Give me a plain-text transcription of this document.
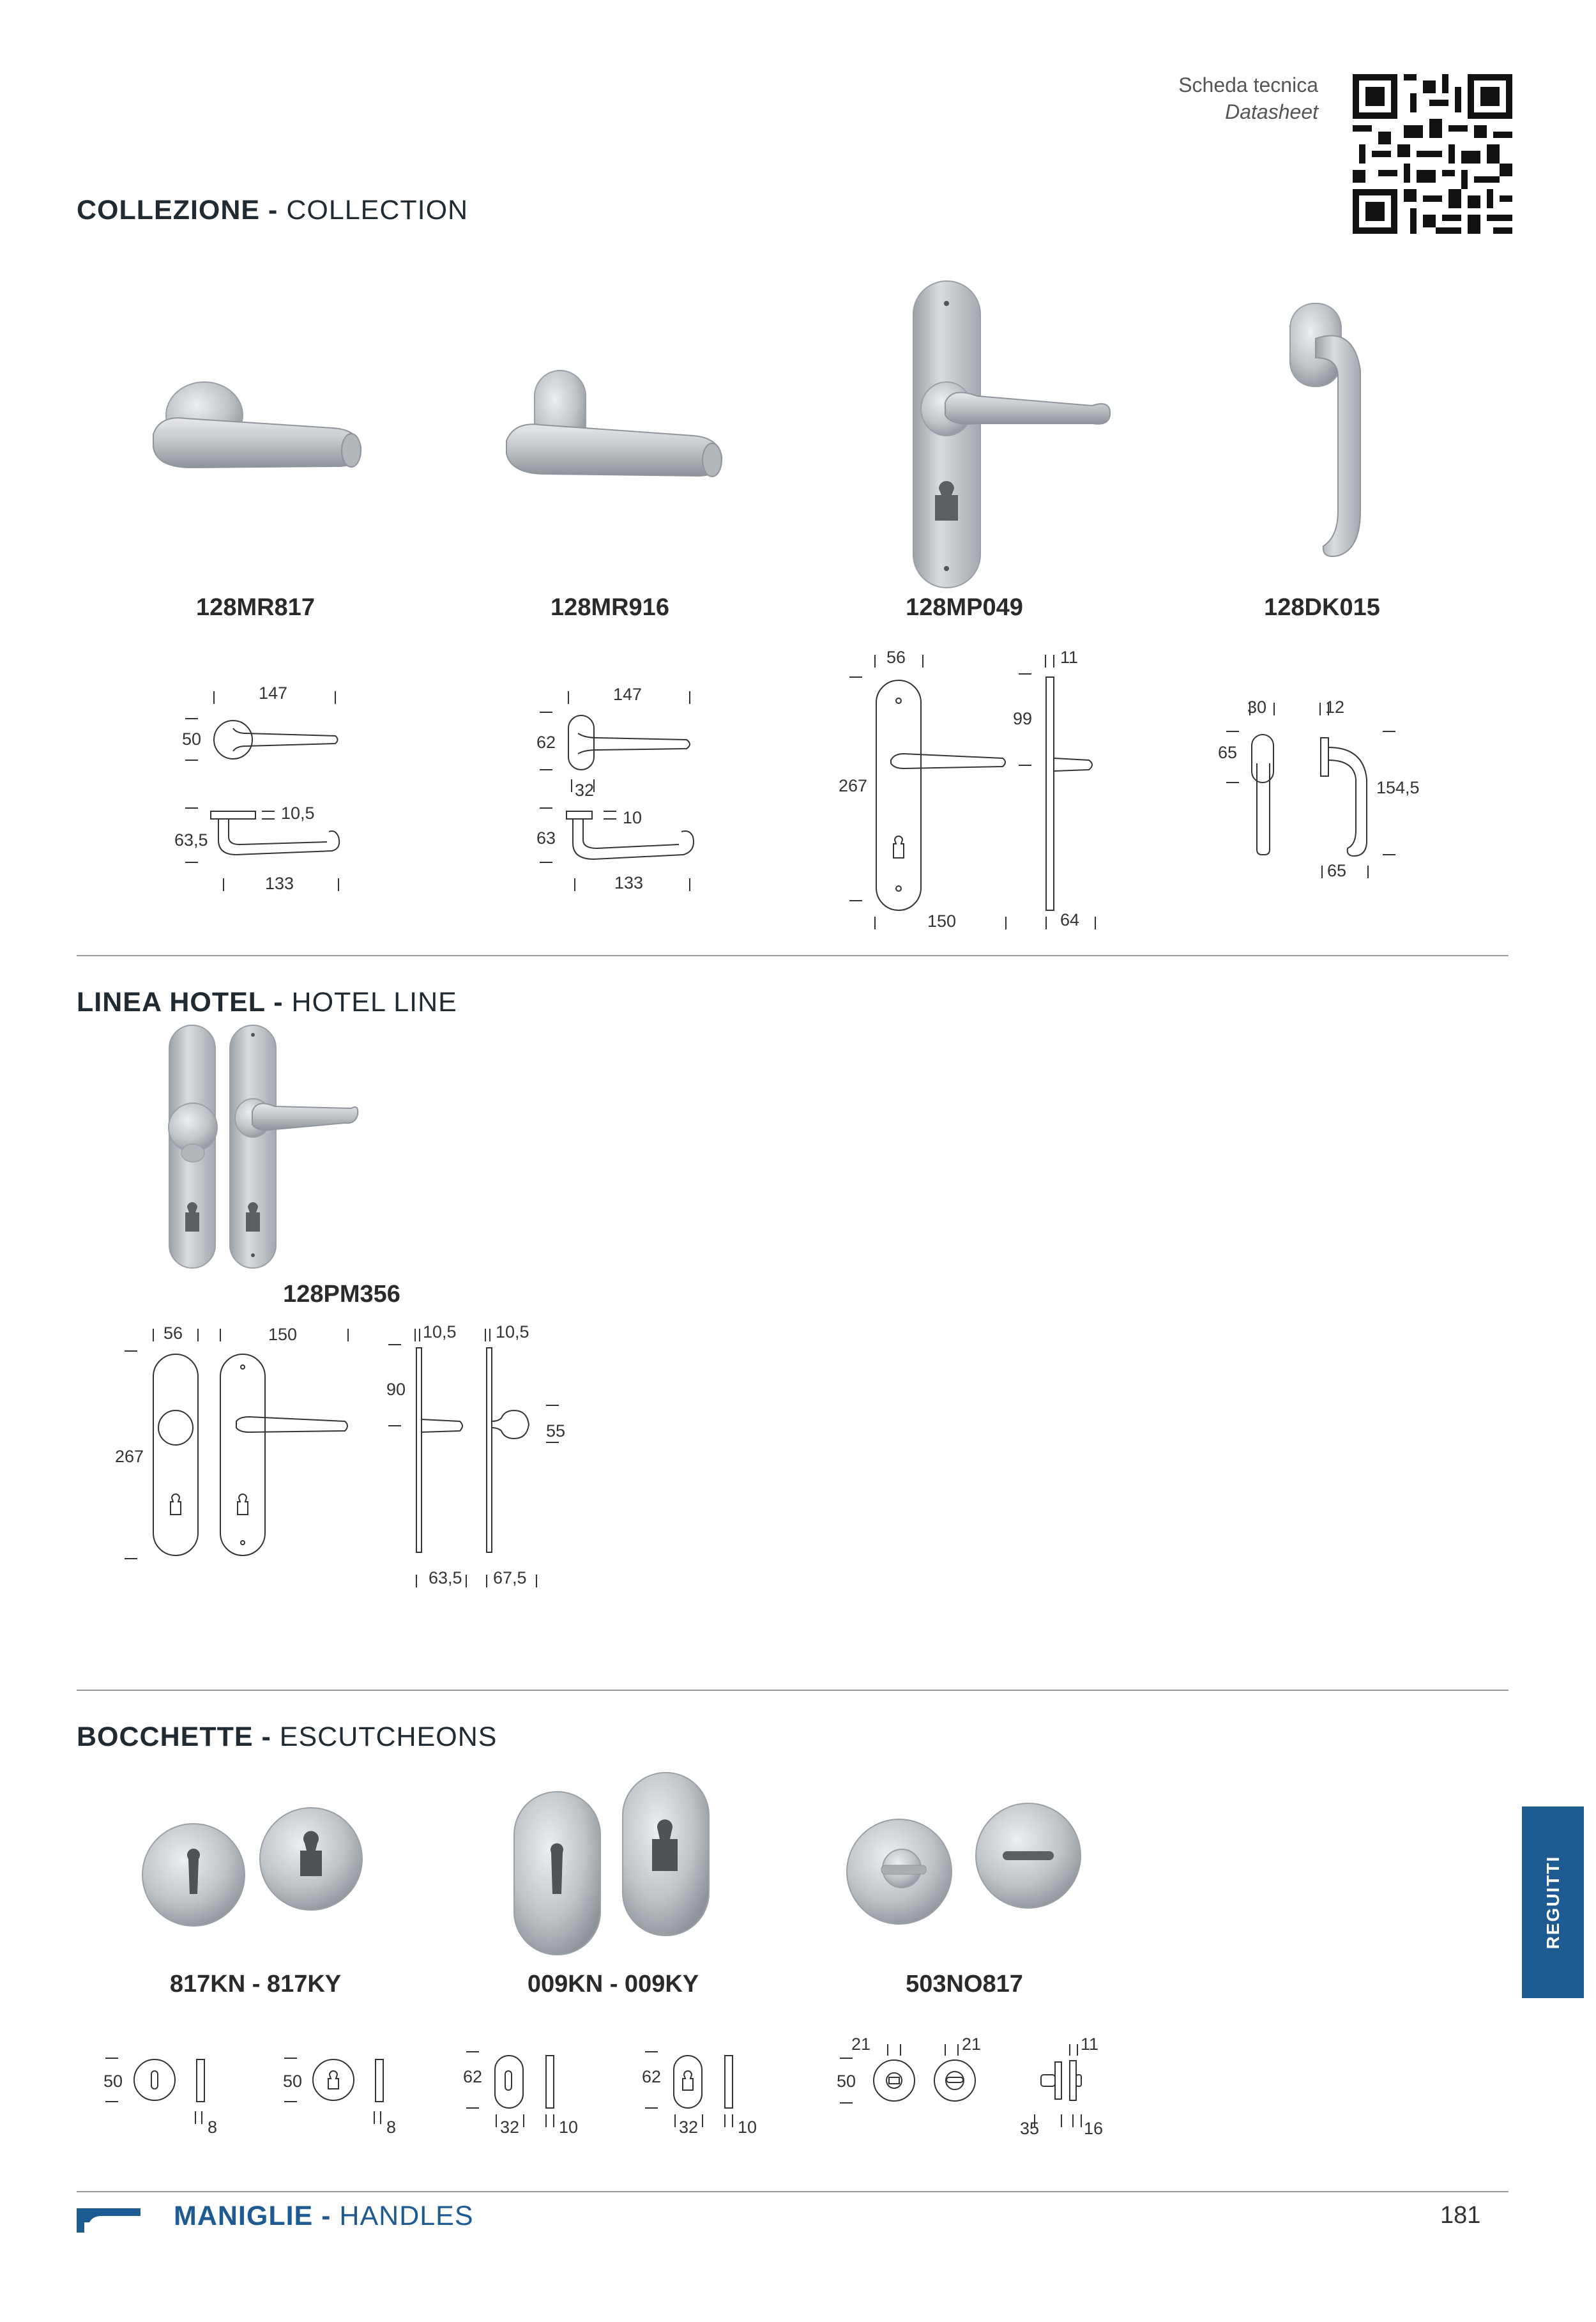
Scheda tecnica
Datasheet
COLLEZIONE - COLLECTION
128MR817	128MR916	128MP049	128DK015
147
50
10,5
63,5
133
147
62
32
10
63
133
56	11
99
267
150	64
30	12
65
154,5
65
LINEA HOTEL - HOTEL LINE
128PM356
56	150	10,5 10,5
90
55
267
63,5 67,5
BOCCHETTE - ESCUTCHEONS
817KN - 817KY	009KN - 009KY	503NO817
50
8
50
8
62
32 10
62
32 10
21	21
50
11
35	16
REGUITTI
MANIGLIE - HANDLES	181
